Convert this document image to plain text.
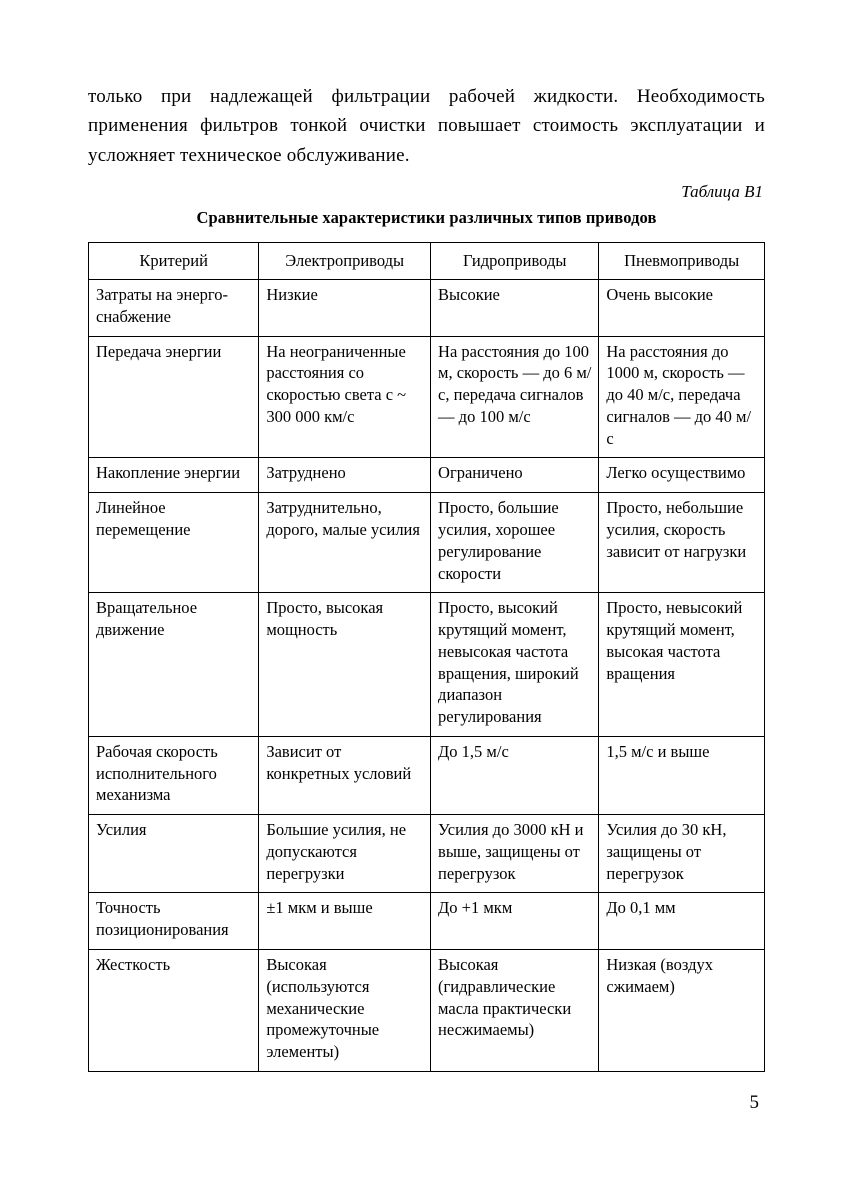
только при надлежащей фильтрации рабочей жидкости. Необходимость применения фильтров тонкой очистки повышает стоимость эксплуатации и усложняет техническое обслуживание.

Таблица В1
Сравнительные характеристики различных типов приводов
Критерий	Электроприводы	Гидроприводы	Пневмоприводы
Затраты на энергоснабжение	Низкие	Высокие	Очень высокие
Передача энергии	На неограниченные расстояния со скоростью света с ~ 300 000 км/с	На расстояния до 100 м, скорость — до 6 м/с, передача сигналов — до 100 м/с	На расстояния до 1000 м, скорость — до 40 м/с, передача сигналов — до 40 м/с
Накопление энергии	Затруднено	Ограничено	Легко осуществимо
Линейное перемещение	Затруднительно, дорого, малые усилия	Просто, большие усилия, хорошее регулирование скорости	Просто, небольшие усилия, скорость зависит от нагрузки
Вращательное движение	Просто, высокая мощность	Просто, высокий крутящий момент, невысокая частота вращения, широкий диапазон регулирования	Просто, невысокий крутящий момент, высокая частота вращения
Рабочая скорость исполнительного механизма	Зависит от конкретных условий	До 1,5 м/с	1,5 м/с и выше
Усилия	Большие усилия, не допускаются перегрузки	Усилия до 3000 кН и выше, защищены от перегрузок	Усилия до 30 кН, защищены от перегрузок
Точность позиционирования	±1 мкм и выше	До +1 мкм	До 0,1 мм
Жесткость	Высокая (используются механические промежуточные элементы)	Высокая (гидравлические масла практически несжимаемы)	Низкая (воздух сжимаем)
5
